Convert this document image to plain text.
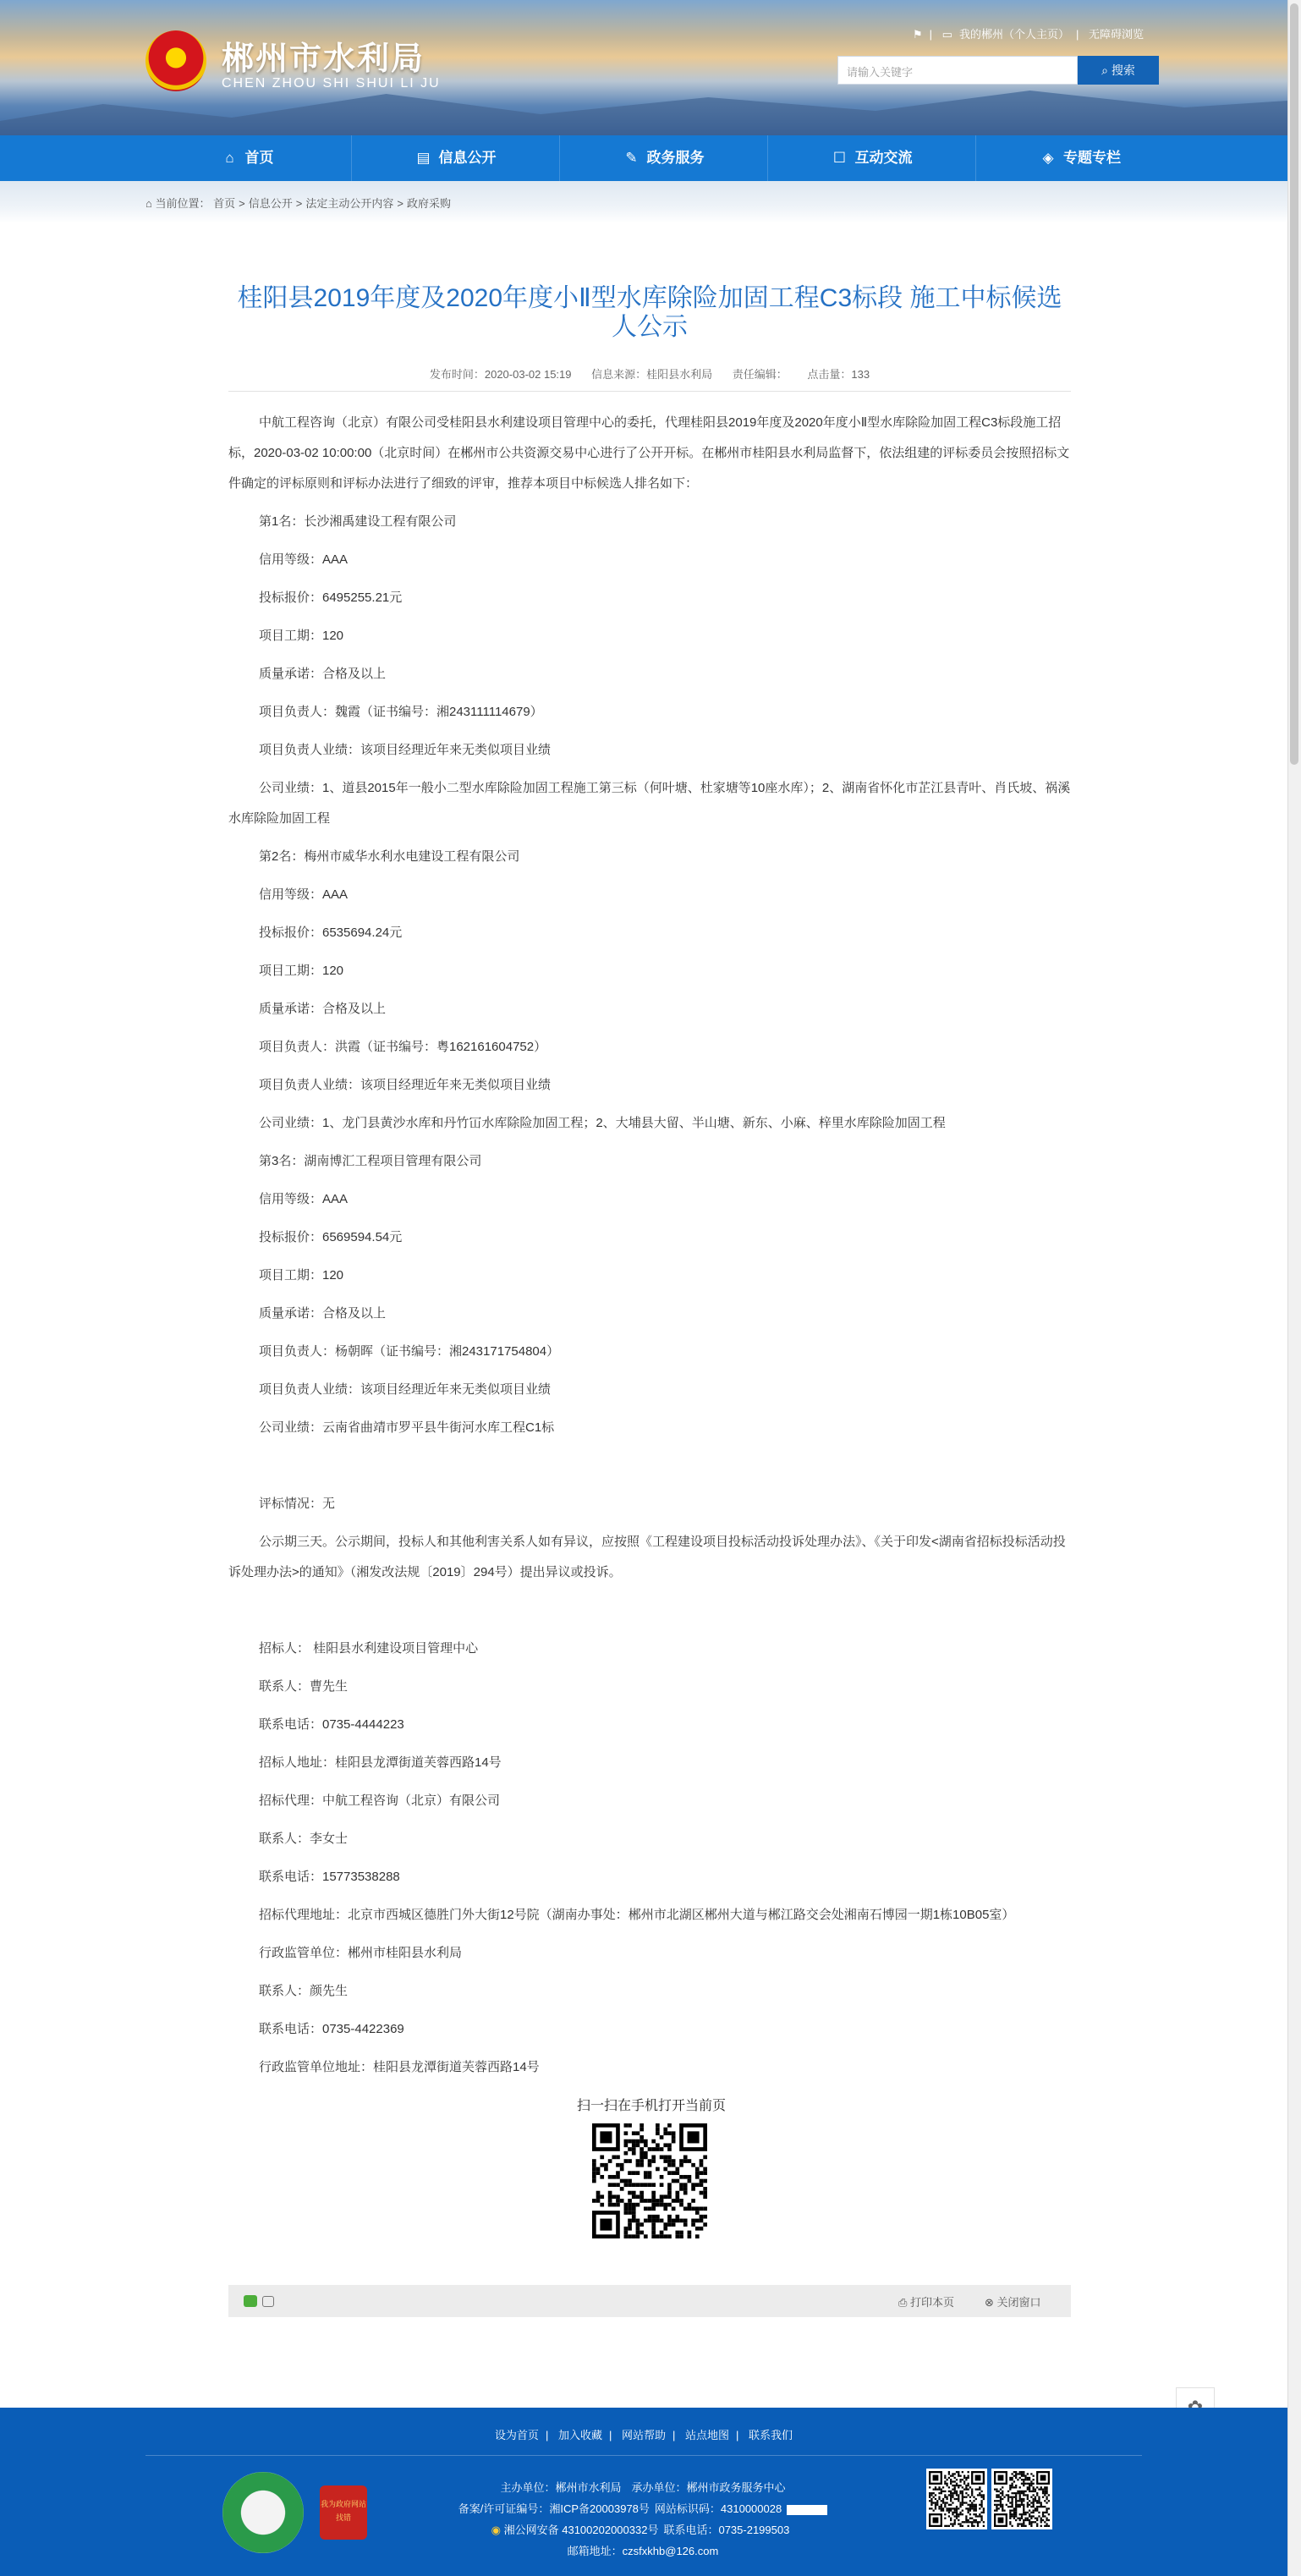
郴州市水利局
CHEN ZHOU SHI SHUI LI JU
⚑ | ▭ 我的郴州（个人主页） | 无障碍浏览
请输入关键字	⌕ 搜索
⌂ 首页	▤ 信息公开	✎ 政务服务	☐ 互动交流	◈ 专题专栏
⌂ 当前位置： 首页 > 信息公开 > 法定主动公开内容 > 政府采购
桂阳县2019年度及2020年度小Ⅱ型水库除险加固工程C3标段 施工中标候选人公示
发布时间：2020-03-02 15:19 信息来源：桂阳县水利局 责任编辑： 点击量：133

中航工程咨询（北京）有限公司受桂阳县水利建设项目管理中心的委托，代理桂阳县2019年度及2020年度小Ⅱ型水库除险加固工程C3标段施工招标，2020-03-02 10:00:00（北京时间）在郴州市公共资源交易中心进行了公开开标。在郴州市桂阳县水利局监督下，依法组建的评标委员会按照招标文件确定的评标原则和评标办法进行了细致的评审，推荐本项目中标候选人排名如下：

第1名：长沙湘禹建设工程有限公司

信用等级：AAA

投标报价：6495255.21元

项目工期：120

质量承诺：合格及以上

项目负责人：魏霞（证书编号：湘243111114679）

项目负责人业绩：该项目经理近年来无类似项目业绩

公司业绩：1、道县2015年一般小二型水库除险加固工程施工第三标（何叶塘、杜家塘等10座水库）；2、湖南省怀化市芷江县青叶、肖氏坡、祸溪水库除险加固工程

第2名：梅州市威华水利水电建设工程有限公司

信用等级：AAA

投标报价：6535694.24元

项目工期：120

质量承诺：合格及以上

项目负责人：洪霞（证书编号：粤162161604752）

项目负责人业绩：该项目经理近年来无类似项目业绩

公司业绩：1、龙门县黄沙水库和丹竹冚水库除险加固工程；2、大埔县大留、半山塘、新东、小麻、梓里水库除险加固工程

第3名：湖南博汇工程项目管理有限公司

信用等级：AAA

投标报价：6569594.54元

项目工期：120

质量承诺：合格及以上

项目负责人：杨朝晖（证书编号：湘243171754804）

项目负责人业绩：该项目经理近年来无类似项目业绩

公司业绩：云南省曲靖市罗平县牛街河水库工程C1标

评标情况：无

公示期三天。公示期间，投标人和其他利害关系人如有异议，应按照《工程建设项目投标活动投诉处理办法》、《关于印发<湖南省招标投标活动投诉处理办法>的通知》（湘发改法规〔2019〕294号）提出异议或投诉。

招标人： 桂阳县水利建设项目管理中心

联系人：曹先生

联系电话：0735-4444223

招标人地址：桂阳县龙潭街道芙蓉西路14号

招标代理：中航工程咨询（北京）有限公司

联系人：李女士

联系电话：15773538288

招标代理地址：北京市西城区德胜门外大街12号院（湖南办事处：郴州市北湖区郴州大道与郴江路交会处湘南石博园一期1栋10B05室）

行政监管单位：郴州市桂阳县水利局

联系人：颜先生

联系电话：0735-4422369

行政监管单位地址：桂阳县龙潭街道芙蓉西路14号

扫一扫在手机打开当前页
⎙ 打印本页	⊗ 关闭窗口
设为首页 | 加入收藏 | 网站帮助 | 站点地图 | 联系我们
我为政府网站找错
主办单位：郴州市水利局 承办单位：郴州市政务服务中心
备案/许可证编号：湘ICP备20003978号 网站标识码：4310000028
◉ 湘公网安备 43100202000332号 联系电话：0735-2199503
邮箱地址：czsfxkhb@126.com
